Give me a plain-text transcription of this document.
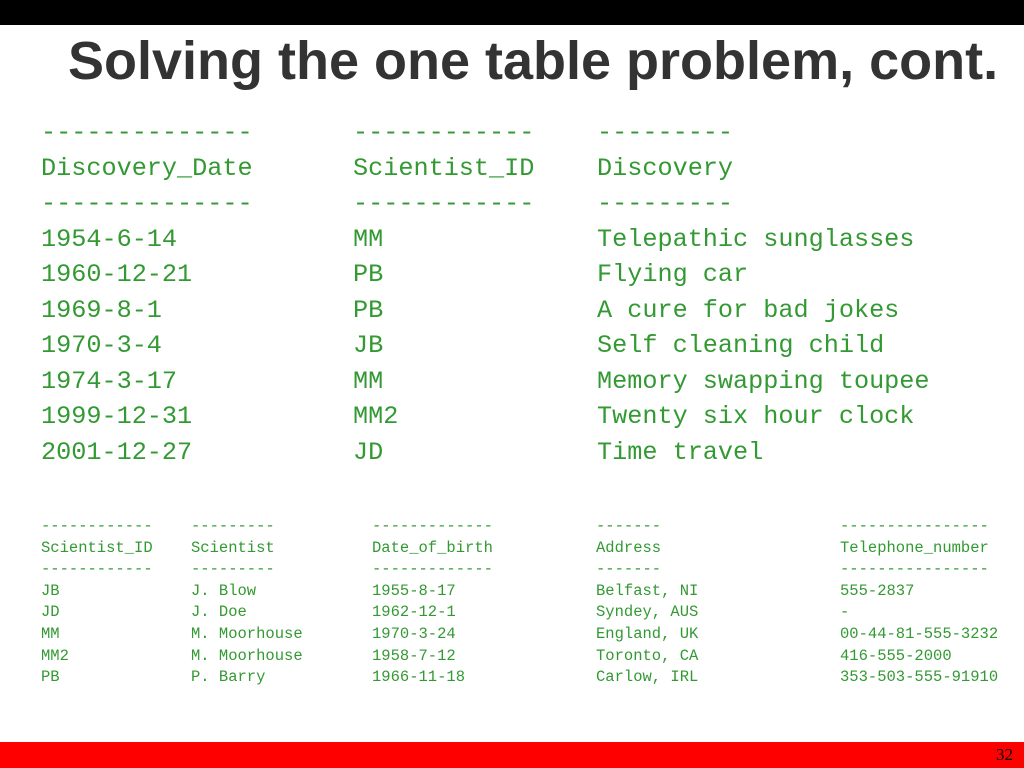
Solving the one table problem, cont.
--------------	------------	---------
Discovery_Date	Scientist_ID	Discovery
--------------	------------	---------
1954-6-14	MM	Telepathic sunglasses
1960-12-21	PB	Flying car
1969-8-1	PB	A cure for bad jokes
1970-3-4	JB	Self cleaning child
1974-3-17	MM	Memory swapping toupee
1999-12-31	MM2	Twenty six hour clock
2001-12-27	JD	Time travel
------------	---------	-------------	-------	----------------
Scientist_ID	Scientist	Date_of_birth	Address	Telephone_number
------------	---------	-------------	-------	----------------
JB	J. Blow	1955-8-17	Belfast, NI	555-2837
JD	J. Doe	1962-12-1	Syndey, AUS	-
MM	M. Moorhouse	1970-3-24	England, UK	00-44-81-555-3232
MM2	M. Moorhouse	1958-7-12	Toronto, CA	416-555-2000
PB	P. Barry	1966-11-18	Carlow, IRL	353-503-555-91910
32
